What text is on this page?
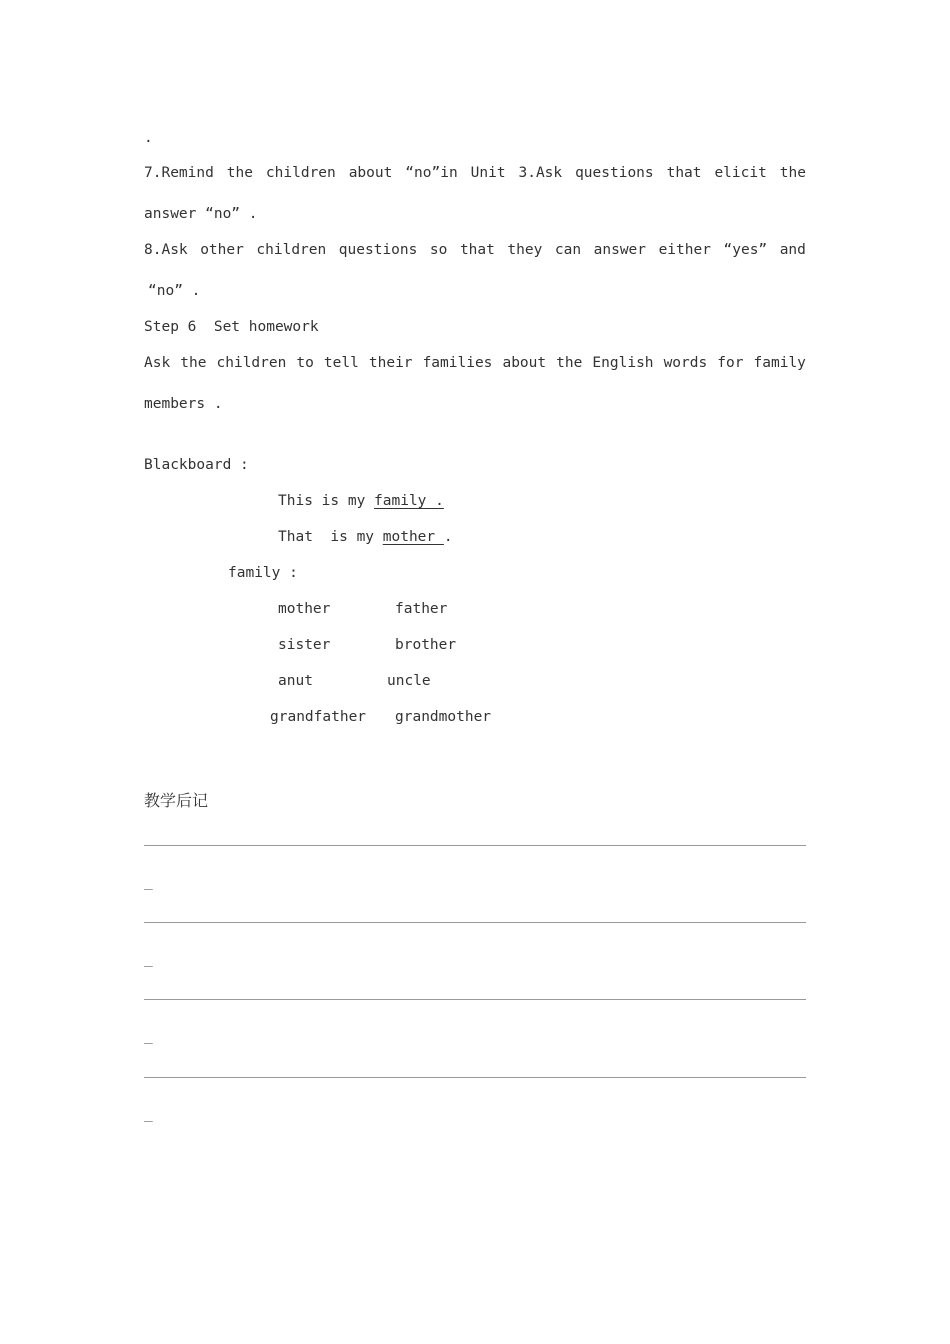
.
7.Remind the children about “no”in Unit 3.Ask questions that elicit the
answer “no” .
8.Ask other children questions so that they can answer either “yes” and
“no” .
Step 6  Set homework
Ask the children to tell their families about the English words for family
members .
Blackboard :
This is my family .
That  is my mother .
family :
mother	father
sister	brother
anut	uncle
grandfather grandmother
教学后记
_
_
_
_
